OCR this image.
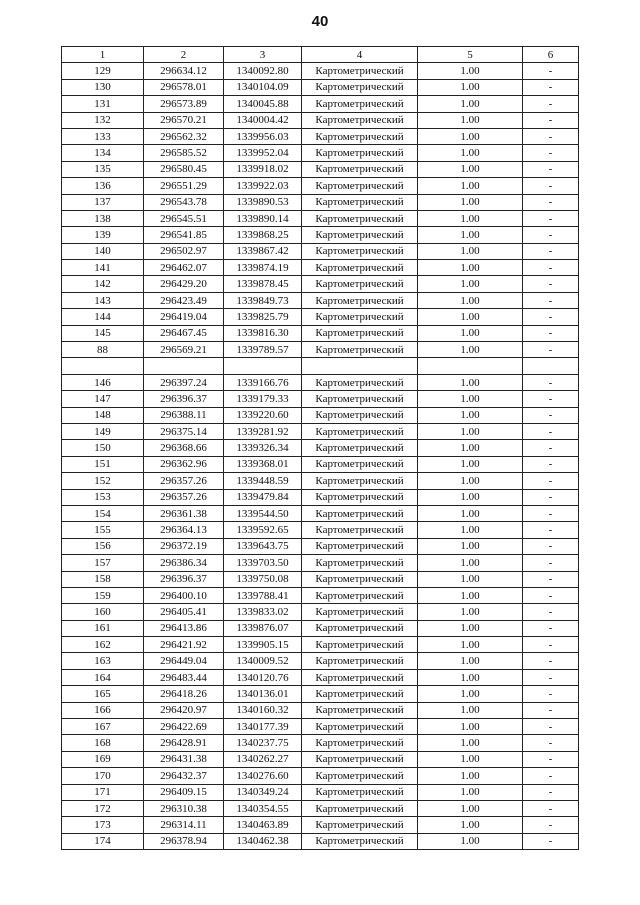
40
1	2	3	4	5	6
129	296634.12	1340092.80	Картометрический	1.00	-
130	296578.01	1340104.09	Картометрический	1.00	-
131	296573.89	1340045.88	Картометрический	1.00	-
132	296570.21	1340004.42	Картометрический	1.00	-
133	296562.32	1339956.03	Картометрический	1.00	-
134	296585.52	1339952.04	Картометрический	1.00	-
135	296580.45	1339918.02	Картометрический	1.00	-
136	296551.29	1339922.03	Картометрический	1.00	-
137	296543.78	1339890.53	Картометрический	1.00	-
138	296545.51	1339890.14	Картометрический	1.00	-
139	296541.85	1339868.25	Картометрический	1.00	-
140	296502.97	1339867.42	Картометрический	1.00	-
141	296462.07	1339874.19	Картометрический	1.00	-
142	296429.20	1339878.45	Картометрический	1.00	-
143	296423.49	1339849.73	Картометрический	1.00	-
144	296419.04	1339825.79	Картометрический	1.00	-
145	296467.45	1339816.30	Картометрический	1.00	-
88	296569.21	1339789.57	Картометрический	1.00	-

146	296397.24	1339166.76	Картометрический	1.00	-
147	296396.37	1339179.33	Картометрический	1.00	-
148	296388.11	1339220.60	Картометрический	1.00	-
149	296375.14	1339281.92	Картометрический	1.00	-
150	296368.66	1339326.34	Картометрический	1.00	-
151	296362.96	1339368.01	Картометрический	1.00	-
152	296357.26	1339448.59	Картометрический	1.00	-
153	296357.26	1339479.84	Картометрический	1.00	-
154	296361.38	1339544.50	Картометрический	1.00	-
155	296364.13	1339592.65	Картометрический	1.00	-
156	296372.19	1339643.75	Картометрический	1.00	-
157	296386.34	1339703.50	Картометрический	1.00	-
158	296396.37	1339750.08	Картометрический	1.00	-
159	296400.10	1339788.41	Картометрический	1.00	-
160	296405.41	1339833.02	Картометрический	1.00	-
161	296413.86	1339876.07	Картометрический	1.00	-
162	296421.92	1339905.15	Картометрический	1.00	-
163	296449.04	1340009.52	Картометрический	1.00	-
164	296483.44	1340120.76	Картометрический	1.00	-
165	296418.26	1340136.01	Картометрический	1.00	-
166	296420.97	1340160.32	Картометрический	1.00	-
167	296422.69	1340177.39	Картометрический	1.00	-
168	296428.91	1340237.75	Картометрический	1.00	-
169	296431.38	1340262.27	Картометрический	1.00	-
170	296432.37	1340276.60	Картометрический	1.00	-
171	296409.15	1340349.24	Картометрический	1.00	-
172	296310.38	1340354.55	Картометрический	1.00	-
173	296314.11	1340463.89	Картометрический	1.00	-
174	296378.94	1340462.38	Картометрический	1.00	-
